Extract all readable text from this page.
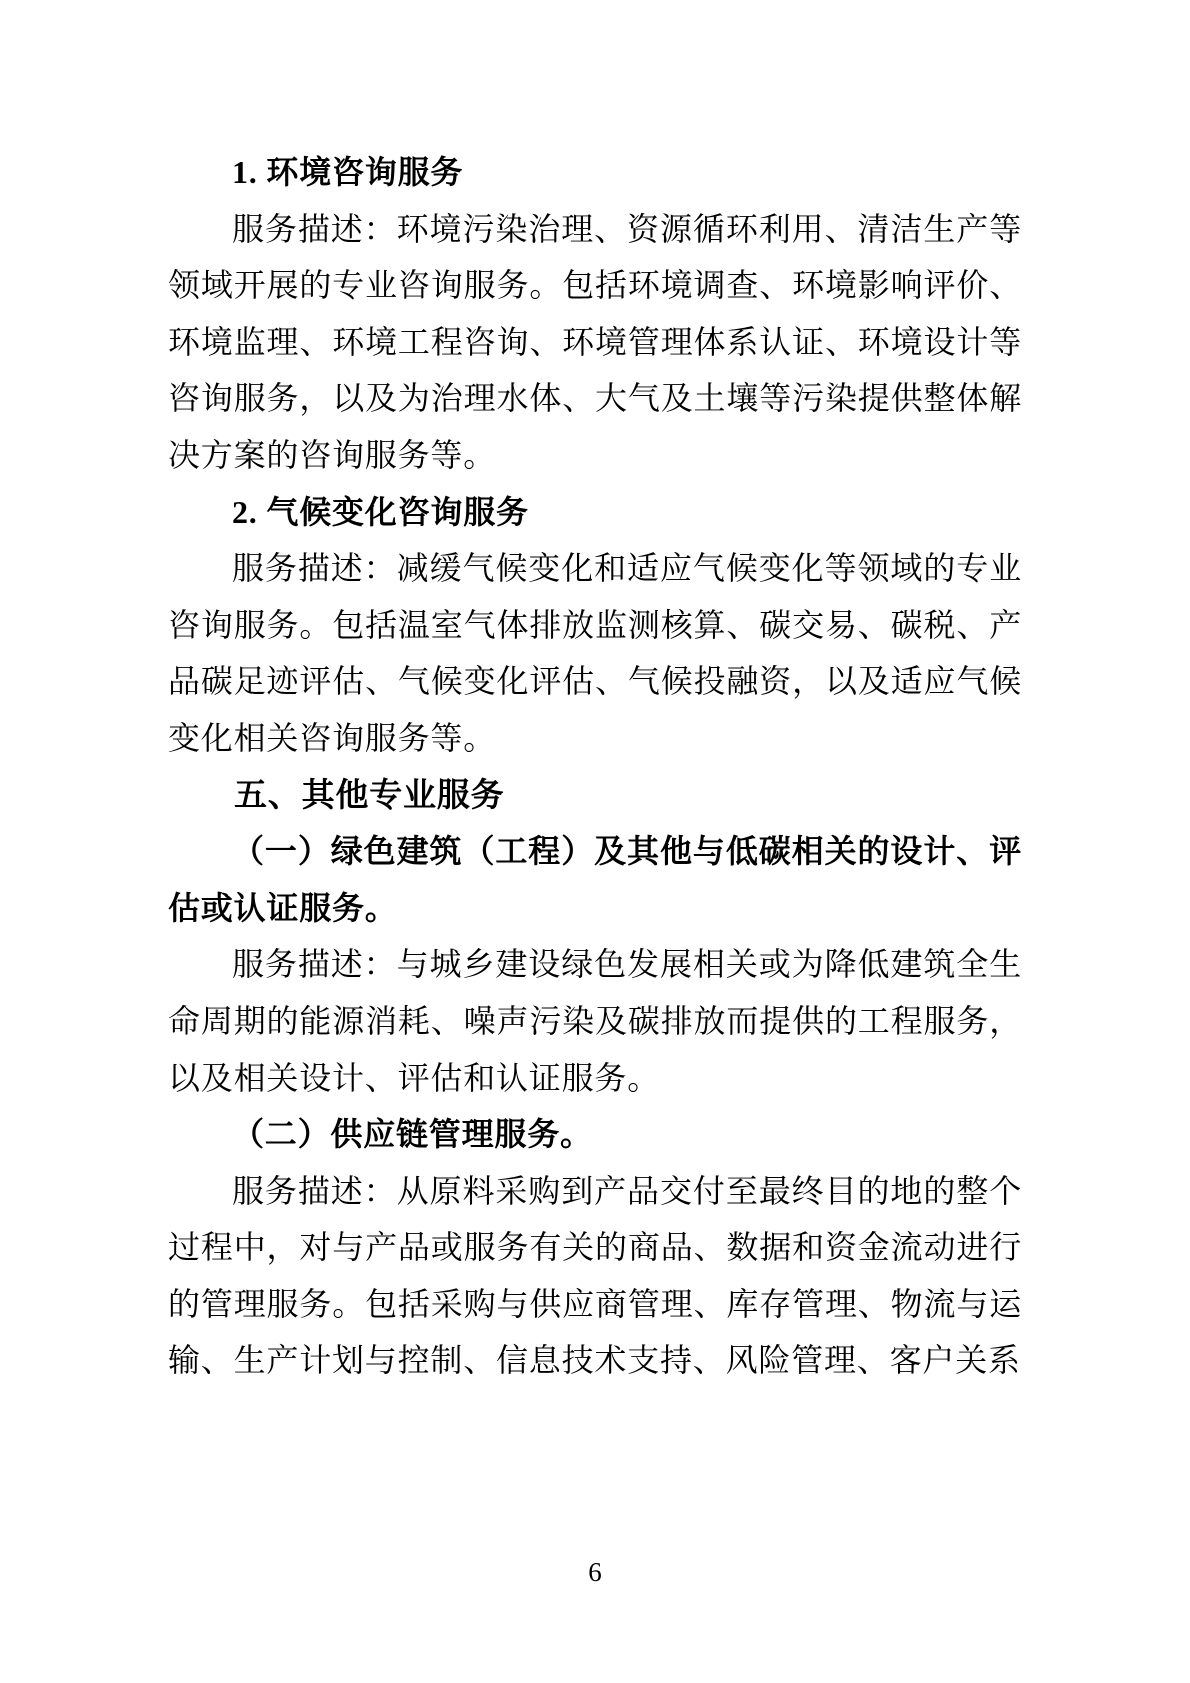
1. 环境咨询服务

服务描述：环境污染治理、资源循环利用、清洁生产等领域开展的专业咨询服务。包括环境调查、环境影响评价、环境监理、环境工程咨询、环境管理体系认证、环境设计等咨询服务，以及为治理水体、大气及土壤等污染提供整体解决方案的咨询服务等。

2. 气候变化咨询服务

服务描述：减缓气候变化和适应气候变化等领域的专业咨询服务。包括温室气体排放监测核算、碳交易、碳税、产品碳足迹评估、气候变化评估、气候投融资，以及适应气候变化相关咨询服务等。

五、其他专业服务

（一）绿色建筑（工程）及其他与低碳相关的设计、评估或认证服务。

服务描述：与城乡建设绿色发展相关或为降低建筑全生命周期的能源消耗、噪声污染及碳排放而提供的工程服务，以及相关设计、评估和认证服务。

（二）供应链管理服务。

服务描述：从原料采购到产品交付至最终目的地的整个过程中，对与产品或服务有关的商品、数据和资金流动进行的管理服务。包括采购与供应商管理、库存管理、物流与运输、生产计划与控制、信息技术支持、风险管理、客户关系

6
